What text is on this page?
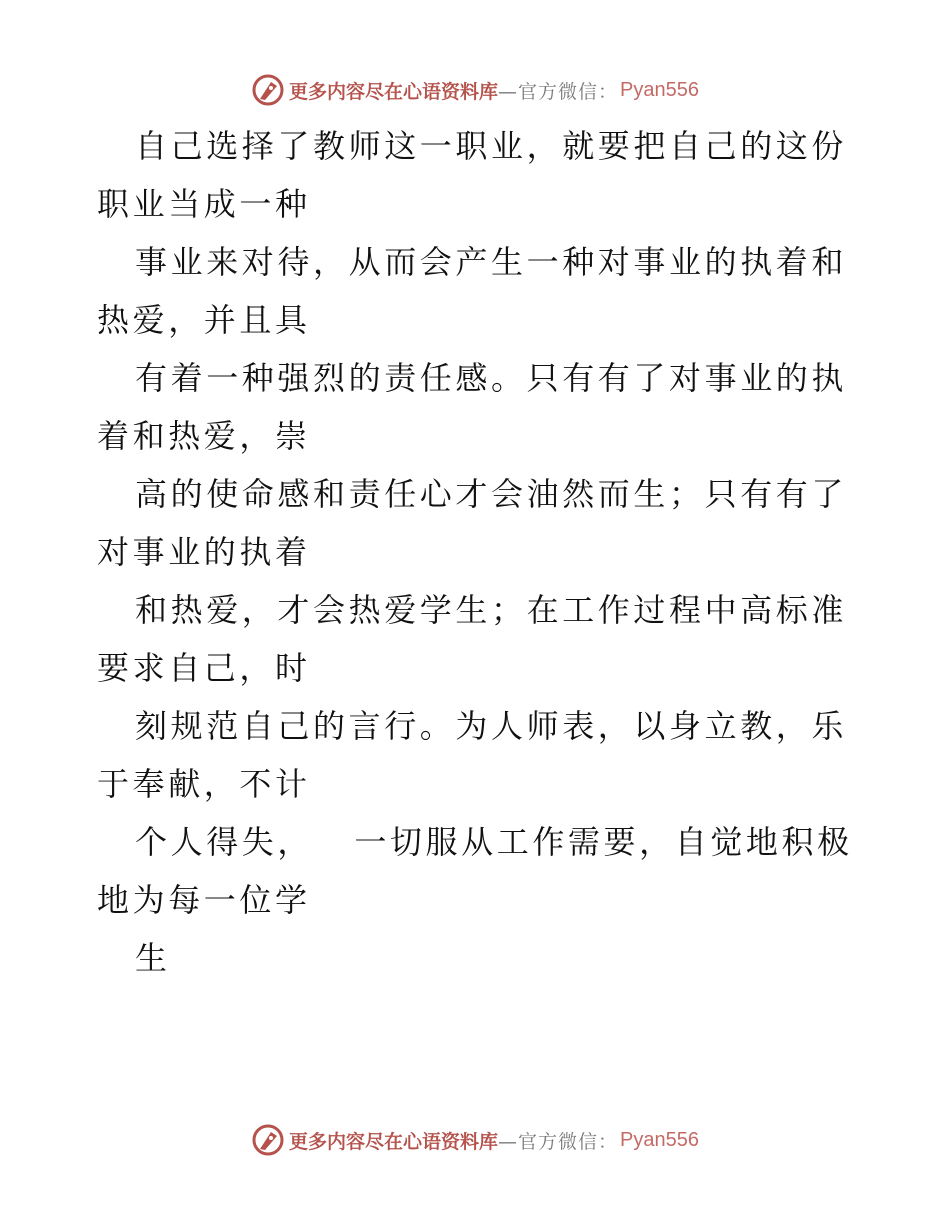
更多内容尽在心语资料库 —官方微信： Pyan556

自己选择了教师这一职业，就要把自己的这份职业当成一种

事业来对待，从而会产生一种对事业的执着和热爱，并且具

有着一种强烈的责任感。只有有了对事业的执着和热爱，崇

高的使命感和责任心才会油然而生；只有有了对事业的执着

和热爱，才会热爱学生；在工作过程中高标准要求自己，时

刻规范自己的言行。为人师表，以身立教，乐于奉献，不计

个人得失，   一切服从工作需要，自觉地积极地为每一位学

生

更多内容尽在心语资料库 —官方微信： Pyan556
